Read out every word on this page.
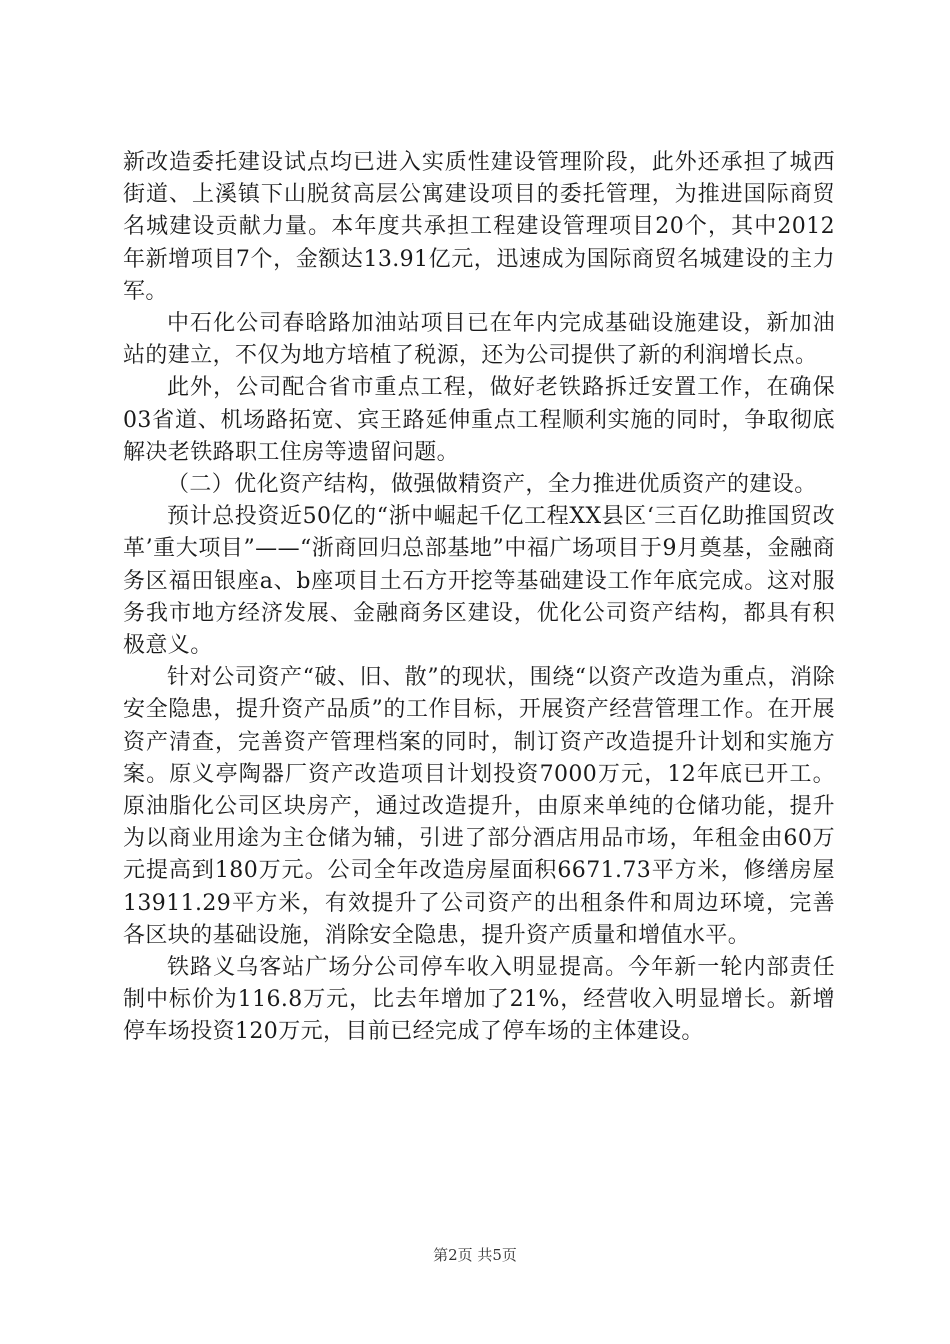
新改造委托建设试点均已进入实质性建设管理阶段，此外还承担了城西街道、上溪镇下山脱贫高层公寓建设项目的委托管理，为推进国际商贸名城建设贡献力量。本年度共承担工程建设管理项目20个，其中2012年新增项目7个，金额达13.91亿元，迅速成为国际商贸名城建设的主力军。

中石化公司春晗路加油站项目已在年内完成基础设施建设，新加油站的建立，不仅为地方培植了税源，还为公司提供了新的利润增长点。

此外，公司配合省市重点工程，做好老铁路拆迁安置工作，在确保03省道、机场路拓宽、宾王路延伸重点工程顺利实施的同时，争取彻底解决老铁路职工住房等遗留问题。

（二）优化资产结构，做强做精资产，全力推进优质资产的建设。

预计总投资近50亿的“浙中崛起千亿工程XX县区‘三百亿助推国贸改革’重大项目”——“浙商回归总部基地”中福广场项目于9月奠基，金融商务区福田银座a、b座项目土石方开挖等基础建设工作年底完成。这对服务我市地方经济发展、金融商务区建设，优化公司资产结构，都具有积极意义。

针对公司资产“破、旧、散”的现状，围绕“以资产改造为重点，消除安全隐患，提升资产品质”的工作目标，开展资产经营管理工作。在开展资产清查，完善资产管理档案的同时，制订资产改造提升计划和实施方案。原义亭陶器厂资产改造项目计划投资7000万元，12年底已开工。原油脂化公司区块房产，通过改造提升，由原来单纯的仓储功能，提升为以商业用途为主仓储为辅，引进了部分酒店用品市场，年租金由60万元提高到180万元。公司全年改造房屋面积6671.73平方米，修缮房屋13911.29平方米，有效提升了公司资产的出租条件和周边环境，完善各区块的基础设施，消除安全隐患，提升资产质量和增值水平。

铁路义乌客站广场分公司停车收入明显提高。今年新一轮内部责任制中标价为116.8万元，比去年增加了21%，经营收入明显增长。新增停车场投资120万元，目前已经完成了停车场的主体建设。

第2页 共5页
